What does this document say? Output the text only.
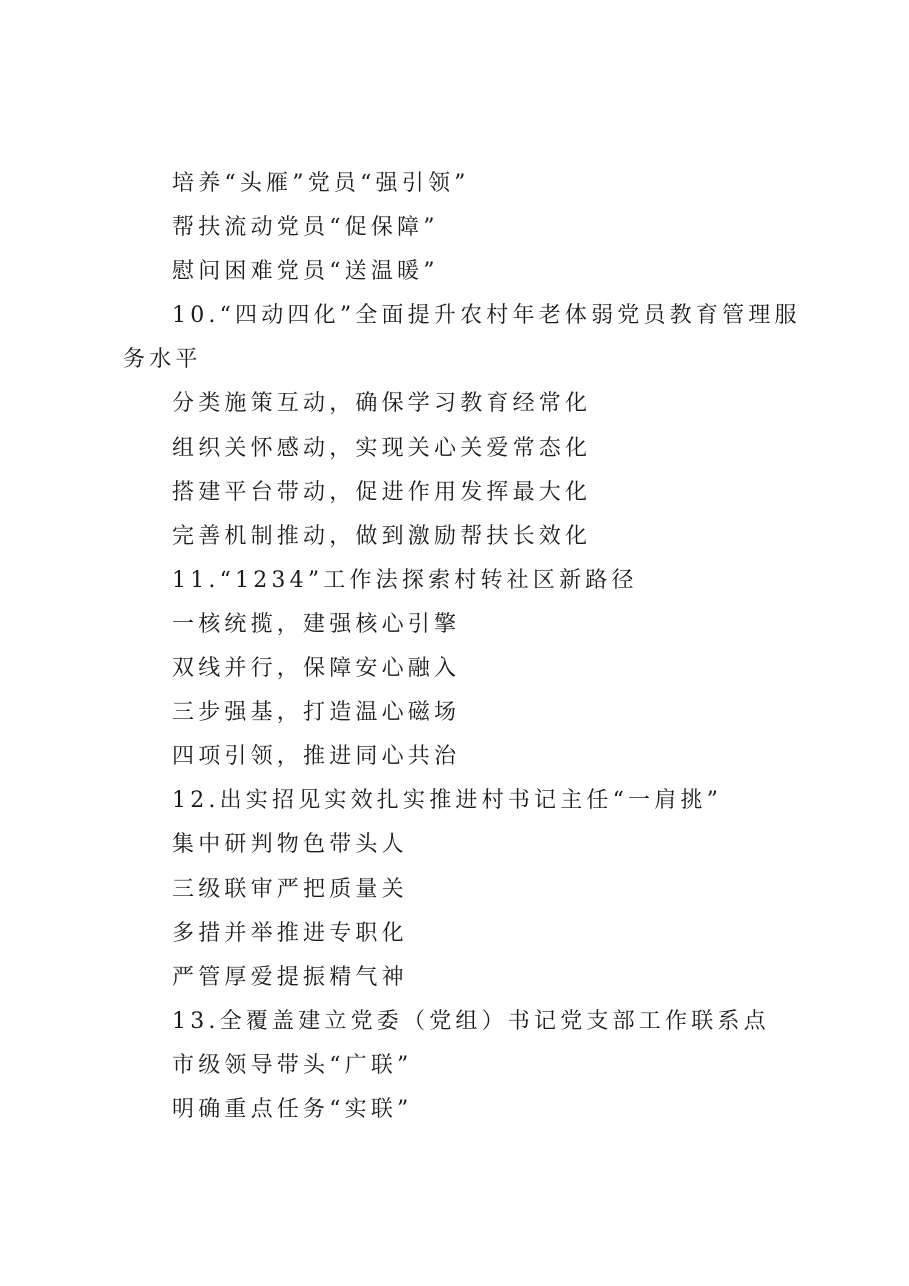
培养“头雁”党员“强引领”
帮扶流动党员“促保障”
慰问困难党员“送温暖”
10.“四动四化”全面提升农村年老体弱党员教育管理服务水平
分类施策互动，确保学习教育经常化
组织关怀感动，实现关心关爱常态化
搭建平台带动，促进作用发挥最大化
完善机制推动，做到激励帮扶长效化
11.“1234”工作法探索村转社区新路径
一核统揽，建强核心引擎
双线并行，保障安心融入
三步强基，打造温心磁场
四项引领，推进同心共治
12.出实招见实效扎实推进村书记主任“一肩挑”
集中研判物色带头人
三级联审严把质量关
多措并举推进专职化
严管厚爱提振精气神
13.全覆盖建立党委（党组）书记党支部工作联系点
市级领导带头“广联”
明确重点任务“实联”
